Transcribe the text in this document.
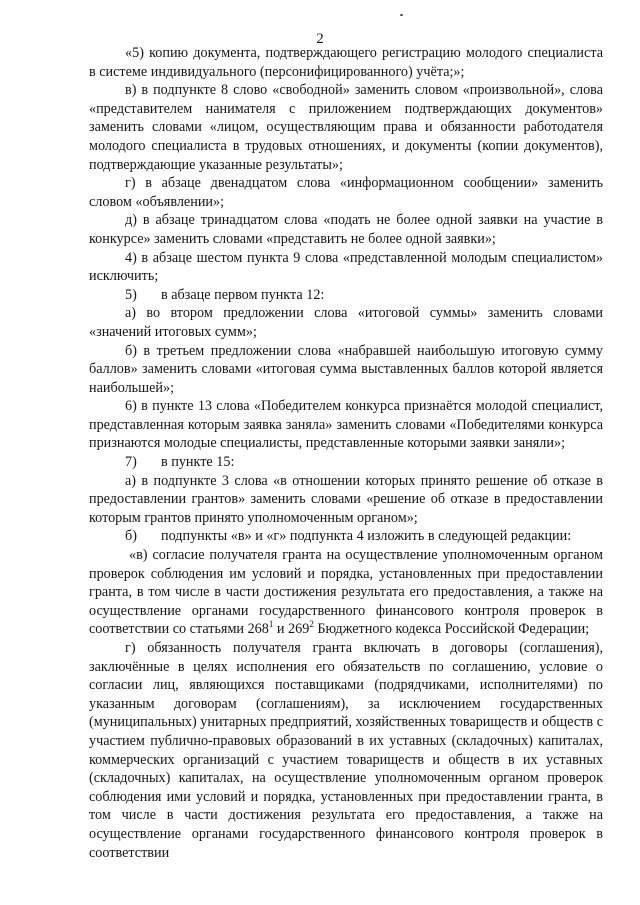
2

«5) копию документа, подтверждающего регистрацию молодого специалиста в системе индивидуального (персонифицированного) учёта;»;

в) в подпункте 8 слово «свободной» заменить словом «произвольной», слова «представителем нанимателя с приложением подтверждающих документов» заменить словами «лицом, осуществляющим права и обязанности работодателя молодого специалиста в трудовых отношениях, и документы (копии документов), подтверждающие указанные результаты»;

г) в абзаце двенадцатом слова «информационном сообщении» заменить словом «объявлении»;

д) в абзаце тринадцатом слова «подать не более одной заявки на участие в конкурсе» заменить словами «представить не более одной заявки»;

4) в абзаце шестом пункта 9 слова «представленной молодым специалистом» исключить;

5) в абзаце первом пункта 12:

а) во втором предложении слова «итоговой суммы» заменить словами «значений итоговых сумм»;

б) в третьем предложении слова «набравшей наибольшую итоговую сумму баллов» заменить словами «итоговая сумма выставленных баллов которой является наибольшей»;

6) в пункте 13 слова «Победителем конкурса признаётся молодой специалист, представленная которым заявка заняла» заменить словами «Победителями конкурса признаются молодые специалисты, представленные которыми заявки заняли»;

7) в пункте 15:

а) в подпункте 3 слова «в отношении которых принято решение об отказе в предоставлении грантов» заменить словами «решение об отказе в предоставлении которым грантов принято уполномоченным органом»;

б) подпункты «в» и «г» подпункта 4 изложить в следующей редакции:

«в) согласие получателя гранта на осуществление уполномоченным органом проверок соблюдения им условий и порядка, установленных при предоставлении гранта, в том числе в части достижения результата его предоставления, а также на осуществление органами государственного финансового контроля проверок в соответствии со статьями $268^1$ и $269^2$ Бюджетного кодекса Российской Федерации;

г) обязанность получателя гранта включать в договоры (соглашения), заключённые в целях исполнения его обязательств по соглашению, условие о согласии лиц, являющихся поставщиками (подрядчиками, исполнителями) по указанным договорам (соглашениям), за исключением государственных (муниципальных) унитарных предприятий, хозяйственных товариществ и обществ с участием публично-правовых образований в их уставных (складочных) капиталах, коммерческих организаций с участием товариществ и обществ в их уставных (складочных) капиталах, на осуществление уполномоченным органом проверок соблюдения ими условий и порядка, установленных при предоставлении гранта, в том числе в части достижения результата его предоставления, а также на осуществление органами государственного финансового контроля проверок в соответствии
